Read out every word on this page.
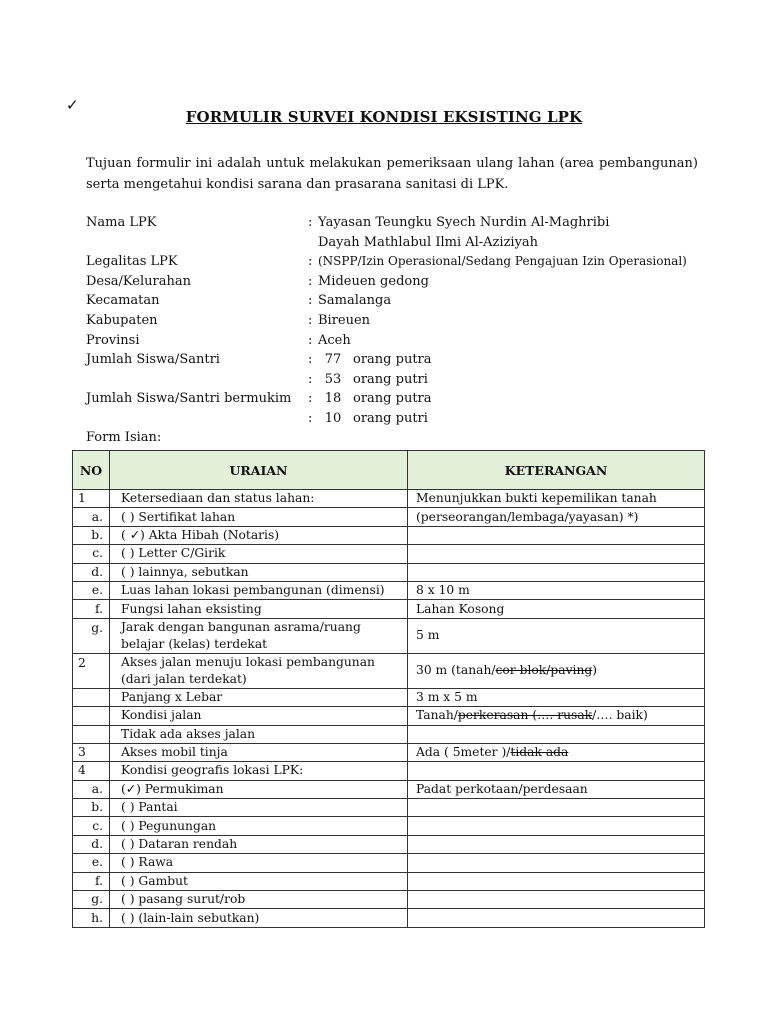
✓
FORMULIR SURVEI KONDISI EKSISTING LPK
Tujuan formulir ini adalah untuk melakukan pemeriksaan ulang lahan (area pembangunan) serta mengetahui kondisi sarana dan prasarana sanitasi di LPK.
Nama LPK	: Yayasan Teungku Syech Nurdin Al-Maghribi
Dayah Mathlabul Ilmi Al-Aziziyah
Legalitas LPK	: (NSPP/Izin Operasional/Sedang Pengajuan Izin Operasional)
Desa/Kelurahan	: Mideuen gedong
Kecamatan	: Samalanga
Kabupaten	: Bireuen
Provinsi	: Aceh
Jumlah Siswa/Santri	: 77 orang putra
: 53 orang putri
Jumlah Siswa/Santri bermukim : 18 orang putra
: 10 orang putri
Form Isian:
NO	URAIAN	KETERANGAN
1	Ketersediaan dan status lahan:	Menunjukkan bukti kepemilikan tanah
a.	( ) Sertifikat lahan	(perseorangan/lembaga/yayasan) *)
b.	( ✓) Akta Hibah (Notaris)	
c.	( ) Letter C/Girik	
d.	( ) lainnya, sebutkan	
e.	Luas lahan lokasi pembangunan (dimensi)	8 x 10 m
f.	Fungsi lahan eksisting	Lahan Kosong
g.	Jarak dengan bangunan asrama/ruang belajar (kelas) terdekat	5 m
2	Akses jalan menuju lokasi pembangunan (dari jalan terdekat)	30 m (tanah/cor blok/paving)
	Panjang x Lebar	3 m x 5 m
	Kondisi jalan	Tanah/perkerasan (…. rusak/…. baik)
	Tidak ada akses jalan	
3	Akses mobil tinja	Ada ( 5meter )/tidak ada
4	Kondisi geografis lokasi LPK:	
a.	(✓) Permukiman	Padat perkotaan/perdesaan
b.	( ) Pantai	
c.	( ) Pegunungan	
d.	( ) Dataran rendah	
e.	( ) Rawa	
f.	( ) Gambut	
g.	( ) pasang surut/rob	
h.	( ) (lain-lain sebutkan)	
